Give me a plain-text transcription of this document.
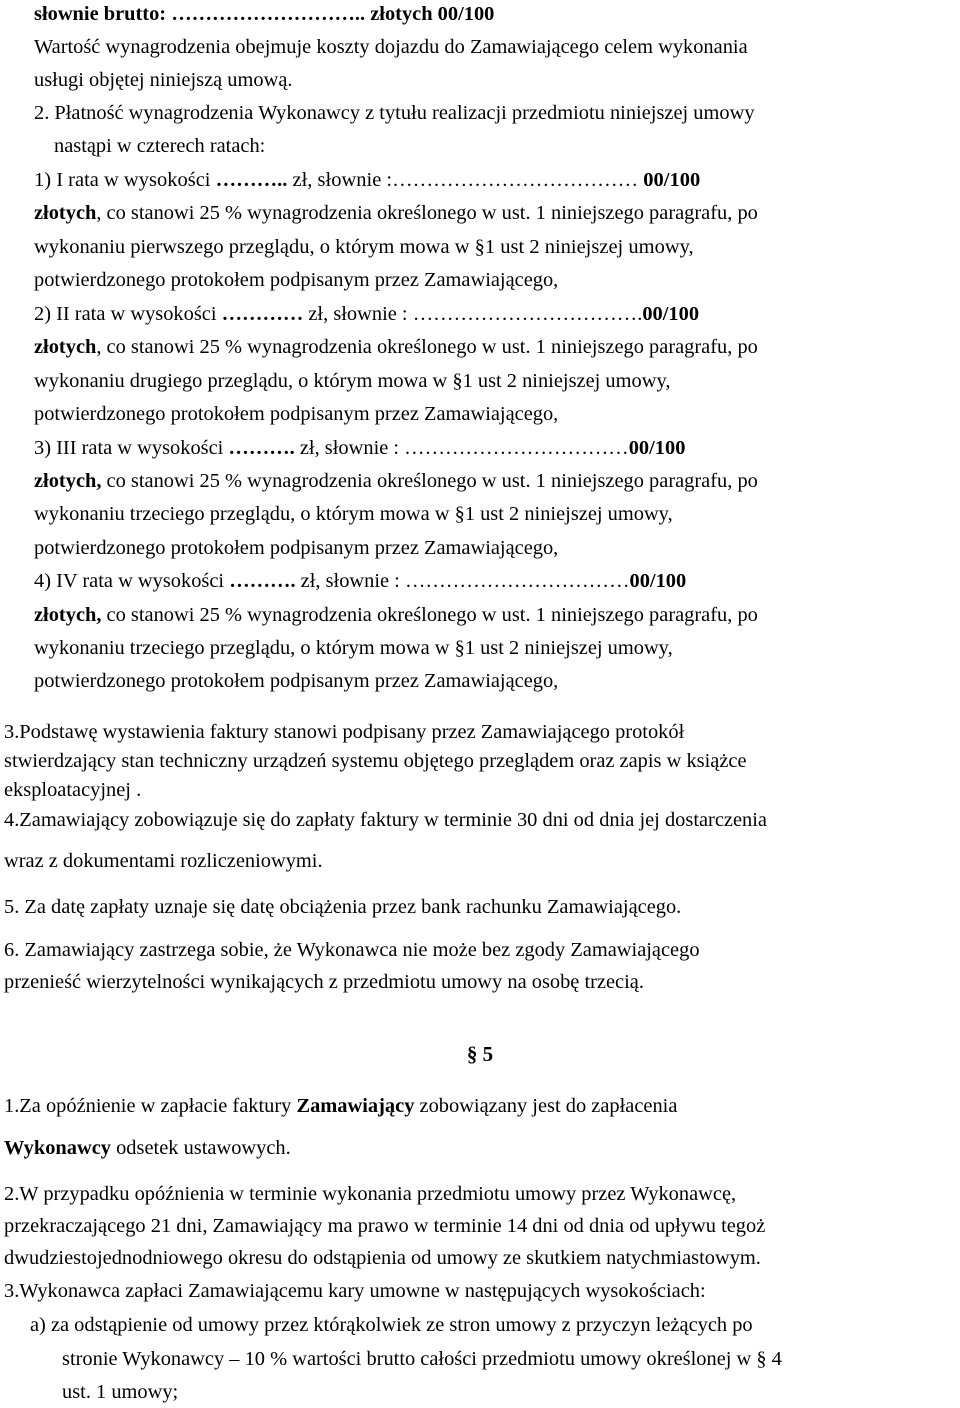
słownie brutto: ……………………….. złotych 00/100
Wartość wynagrodzenia obejmuje koszty dojazdu do Zamawiającego celem wykonania
usługi objętej niniejszą umową.
2. Płatność wynagrodzenia Wykonawcy z tytułu realizacji przedmiotu niniejszej umowy
nastąpi w czterech ratach:
1) I rata w wysokości ……….. zł, słownie :……………………………… 00/100
złotych, co stanowi 25 % wynagrodzenia określonego w ust. 1 niniejszego paragrafu, po
wykonaniu pierwszego przeglądu, o którym mowa w §1 ust 2 niniejszej umowy,
potwierdzonego protokołem podpisanym przez Zamawiającego,
2) II rata w wysokości ………… zł, słownie : …………………………….00/100
złotych, co stanowi 25 % wynagrodzenia określonego w ust. 1 niniejszego paragrafu, po
wykonaniu drugiego przeglądu, o którym mowa w §1 ust 2 niniejszej umowy,
potwierdzonego protokołem podpisanym przez Zamawiającego,
3) III rata w wysokości ………. zł, słownie : ……………………………00/100
złotych, co stanowi 25 % wynagrodzenia określonego w ust. 1 niniejszego paragrafu, po
wykonaniu trzeciego przeglądu, o którym mowa w §1 ust 2 niniejszej umowy,
potwierdzonego protokołem podpisanym przez Zamawiającego,
4) IV rata w wysokości ………. zł, słownie : ……………………………00/100
złotych, co stanowi 25 % wynagrodzenia określonego w ust. 1 niniejszego paragrafu, po
wykonaniu trzeciego przeglądu, o którym mowa w §1 ust 2 niniejszej umowy,
potwierdzonego protokołem podpisanym przez Zamawiającego,
3.Podstawę wystawienia faktury stanowi podpisany przez Zamawiającego protokół
stwierdzający stan techniczny urządzeń systemu objętego przeglądem oraz zapis w książce
eksploatacyjnej .
4.Zamawiający zobowiązuje się do zapłaty faktury w terminie 30 dni od dnia jej dostarczenia
wraz z dokumentami rozliczeniowymi.
5. Za datę zapłaty uznaje się datę obciążenia przez bank rachunku Zamawiającego.
6. Zamawiający zastrzega sobie, że Wykonawca nie może bez zgody Zamawiającego
przenieść wierzytelności wynikających z przedmiotu umowy na osobę trzecią.
§ 5
1.Za opóźnienie w zapłacie faktury Zamawiający zobowiązany jest do zapłacenia
Wykonawcy odsetek ustawowych.
2.W przypadku opóźnienia w terminie wykonania przedmiotu umowy przez Wykonawcę,
przekraczającego 21 dni, Zamawiający ma prawo w terminie 14 dni od dnia od upływu tegoż
dwudziestojednodniowego okresu do odstąpienia od umowy ze skutkiem natychmiastowym.
3.Wykonawca zapłaci Zamawiającemu kary umowne w następujących wysokościach:
a) za odstąpienie od umowy przez którąkolwiek ze stron umowy z przyczyn leżących po
stronie Wykonawcy – 10 % wartości brutto całości przedmiotu umowy określonej w § 4
ust. 1 umowy;
